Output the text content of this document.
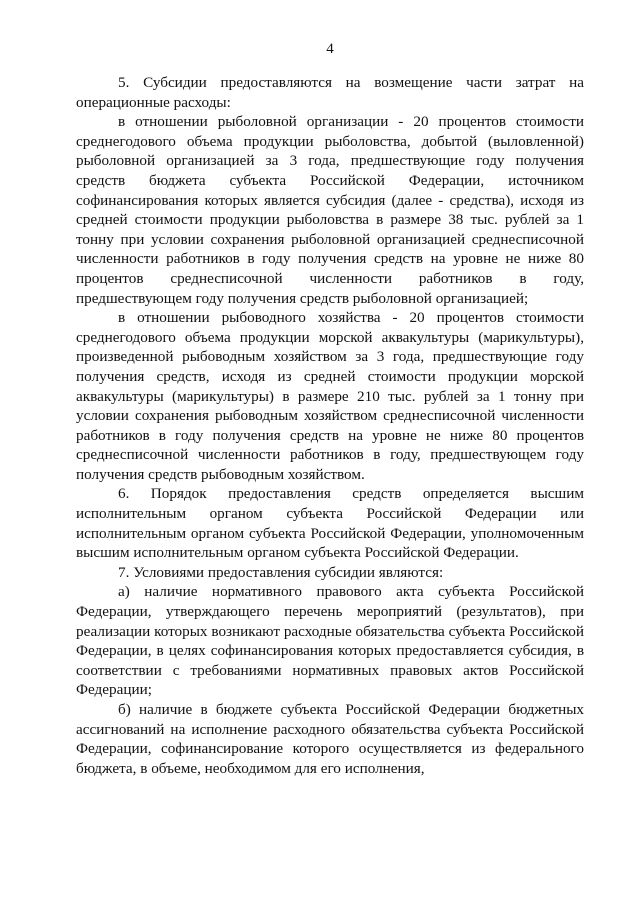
4

5. Субсидии предоставляются на возмещение части затрат на операционные расходы:

в отношении рыболовной организации - 20 процентов стоимости среднегодового объема продукции рыболовства, добытой (выловленной) рыболовной организацией за 3 года, предшествующие году получения средств бюджета субъекта Российской Федерации, источником софинансирования которых является субсидия (далее - средства), исходя из средней стоимости продукции рыболовства в размере 38 тыс. рублей за 1 тонну при условии сохранения рыболовной организацией среднесписочной численности работников в году получения средств на уровне не ниже 80 процентов среднесписочной численности работников в году, предшествующем году получения средств рыболовной организацией;

в отношении рыбоводного хозяйства - 20 процентов стоимости среднегодового объема продукции морской аквакультуры (марикультуры), произведенной рыбоводным хозяйством за 3 года, предшествующие году получения средств, исходя из средней стоимости продукции морской аквакультуры (марикультуры) в размере 210 тыс. рублей за 1 тонну при условии сохранения рыбоводным хозяйством среднесписочной численности работников в году получения средств на уровне не ниже 80 процентов среднесписочной численности работников в году, предшествующем году получения средств рыбоводным хозяйством.

6. Порядок предоставления средств определяется высшим исполнительным органом субъекта Российской Федерации или исполнительным органом субъекта Российской Федерации, уполномоченным высшим исполнительным органом субъекта Российской Федерации.

7. Условиями предоставления субсидии являются:

а) наличие нормативного правового акта субъекта Российской Федерации, утверждающего перечень мероприятий (результатов), при реализации которых возникают расходные обязательства субъекта Российской Федерации, в целях софинансирования которых предоставляется субсидия, в соответствии с требованиями нормативных правовых актов Российской Федерации;

б) наличие в бюджете субъекта Российской Федерации бюджетных ассигнований на исполнение расходного обязательства субъекта Российской Федерации, софинансирование которого осуществляется из федерального бюджета, в объеме, необходимом для его исполнения,
